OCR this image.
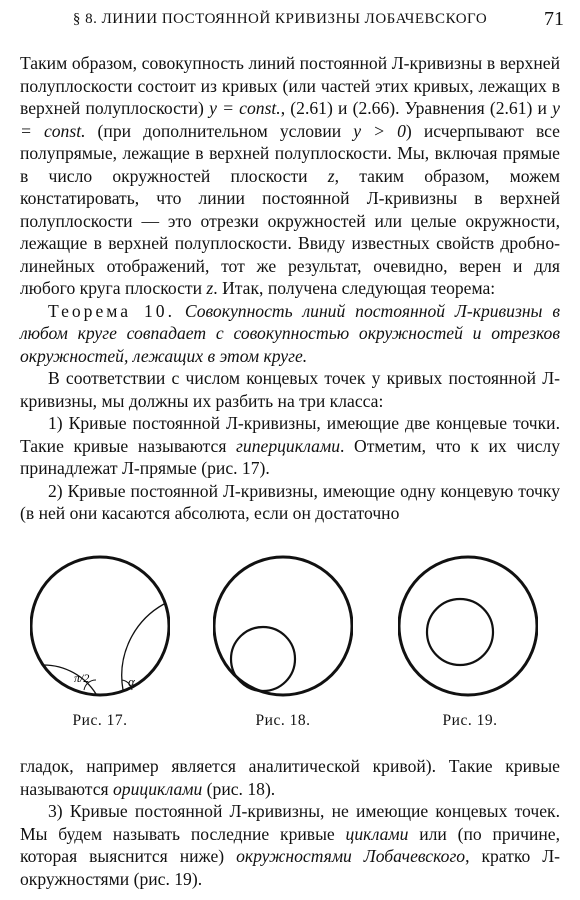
§ 8. ЛИНИИ ПОСТОЯННОЙ КРИВИЗНЫ ЛОБАЧЕВСКОГО	71

Таким образом, совокупность линий постоянной Л-кривизны в верхней полуплоскости состоит из кривых (или частей этих кривых, лежащих в верхней полуплоскости) y = const., (2.61) и (2.66). Уравнения (2.61) и y = const. (при дополнительном условии y > 0) исчерпывают все полупрямые, лежащие в верхней полуплоскости. Мы, включая прямые в число окружностей плоскости z, таким образом, можем констатировать, что линии постоянной Л-кривизны в верхней полуплоскости — это отрезки окружностей или целые окружности, лежащие в верхней полуплоскости. Ввиду известных свойств дробно-линейных отображений, тот же результат, очевидно, верен и для любого круга плоскости z. Итак, получена следующая теорема:

Теорема 10. Совокупность линий постоянной Л-кривизны в любом круге совпадает с совокупностью окружностей и отрезков окружностей, лежащих в этом круге.

В соответствии с числом концевых точек у кривых постоянной Л-кривизны, мы должны их разбить на три класса:

1) Кривые постоянной Л-кривизны, имеющие две концевые точки. Такие кривые называются гиперциклами. Отметим, что к их числу принадлежат Л-прямые (рис. 17).

2) Кривые постоянной Л-кривизны, имеющие одну концевую точку (в ней они касаются абсолюта, если он достаточно

π/2	α
Рис. 17.	Рис. 18.	Рис. 19.

гладок, например является аналитической кривой). Такие кривые называются орициклами (рис. 18).

3) Кривые постоянной Л-кривизны, не имеющие концевых точек. Мы будем называть последние кривые циклами или (по причине, которая выяснится ниже) окружностями Лобачевского, кратко Л-окружностями (рис. 19).
